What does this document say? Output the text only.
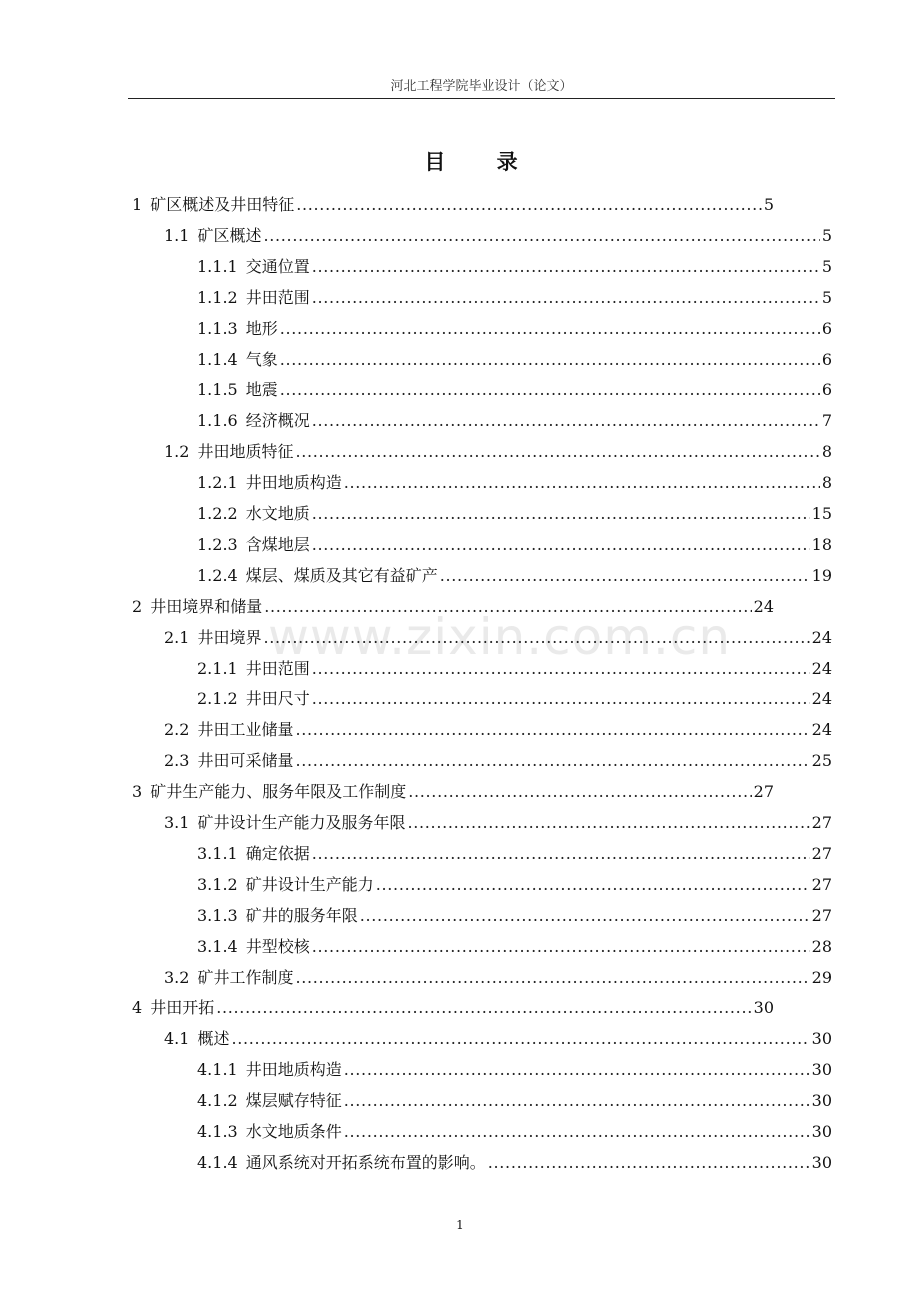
河北工程学院毕业设计（论文）
目 录
www.zixin.com.cn
1 矿区概述及井田特征 . . .	5
1.1 矿区概述 . . .	5
1.1.1 交通位置 . . .	5
1.1.2 井田范围 . . .	5
1.1.3 地形 . . .	6
1.1.4 气象 . . .	6
1.1.5 地震 . . .	6
1.1.6 经济概况 . . .	7
1.2 井田地质特征 . . .	8
1.2.1 井田地质构造 . . .	8
1.2.2 水文地质 . . .	15
1.2.3 含煤地层 . . .	18
1.2.4 煤层、煤质及其它有益矿产 . . .	19
2 井田境界和储量 . . .	24
2.1 井田境界 . . .	24
2.1.1 井田范围 . . .	24
2.1.2 井田尺寸 . . .	24
2.2 井田工业储量 . . .	24
2.3 井田可采储量 . . .	25
3 矿井生产能力、服务年限及工作制度 . . .	27
3.1 矿井设计生产能力及服务年限 . . .	27
3.1.1 确定依据 . . .	27
3.1.2 矿井设计生产能力 . . .	27
3.1.3 矿井的服务年限 . . .	27
3.1.4 井型校核 . . .	28
3.2 矿井工作制度 . . .	29
4 井田开拓 . . .	30
4.1 概述 . . .	30
4.1.1 井田地质构造 . . .	30
4.1.2 煤层赋存特征 . . .	30
4.1.3 水文地质条件 . . .	30
4.1.4 通风系统对开拓系统布置的影响。 . . .	30
1
